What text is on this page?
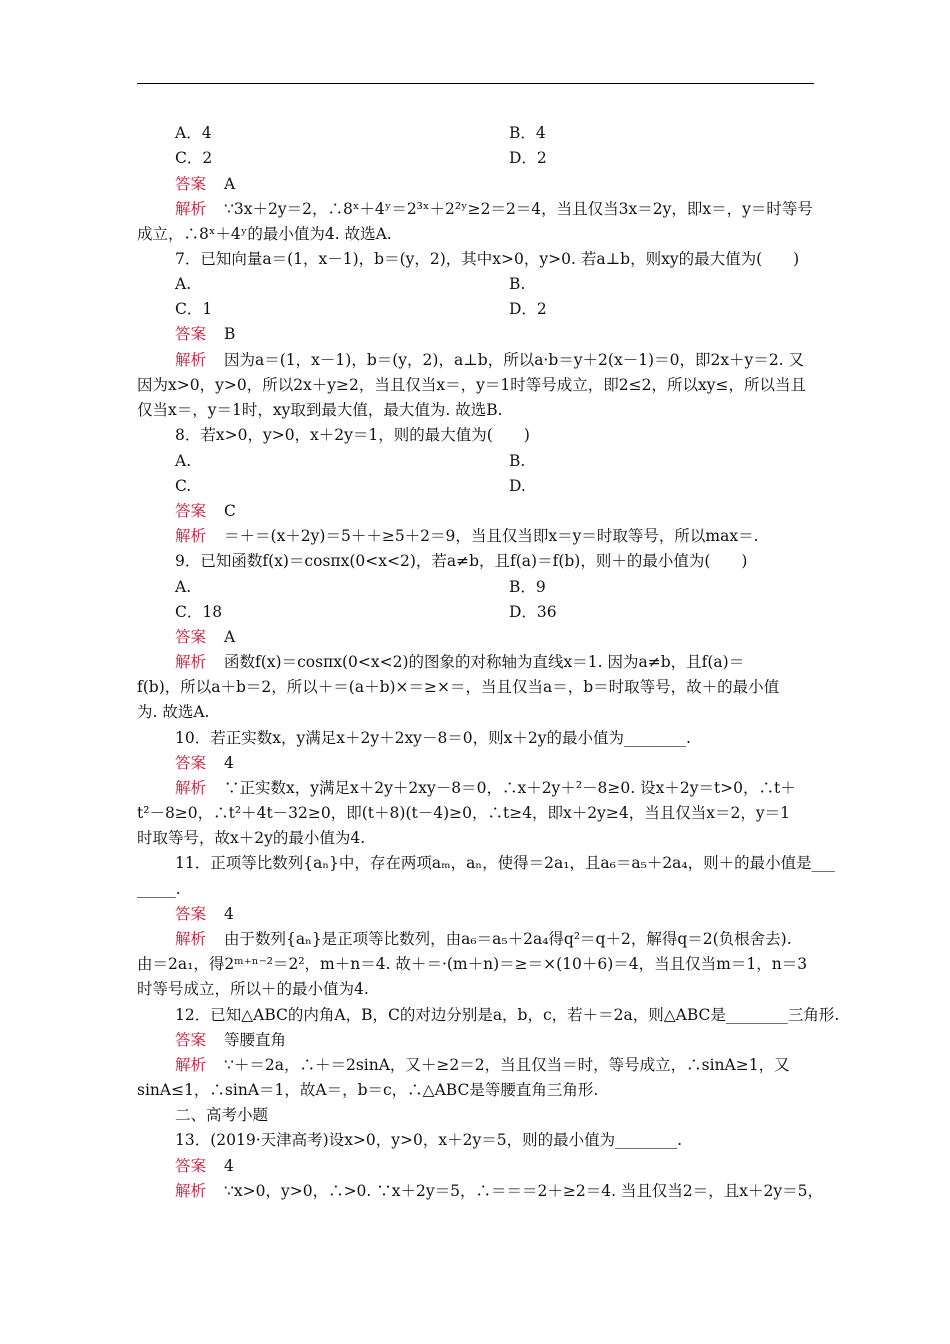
A．4	B．4
C．2	D．2
答案 A
解析 ∵3x＋2y＝2，∴8ˣ＋4ʸ＝2³ˣ＋2²ʸ≥2＝2＝4，当且仅当3x＝2y，即x＝，y＝时等号
成立，∴8ˣ＋4ʸ的最小值为4. 故选A.
7．已知向量a＝(1，x－1)，b＝(y，2)，其中x>0，y>0. 若a⊥b，则xy的最大值为(　　)
A.	B.
C．1	D．2
答案 B
解析 因为a＝(1，x－1)，b＝(y，2)，a⊥b，所以a·b＝y＋2(x－1)＝0，即2x＋y＝2. 又
因为x>0，y>0，所以2x＋y≥2，当且仅当x＝，y＝1时等号成立，即2≤2，所以xy≤，所以当且
仅当x＝，y＝1时，xy取到最大值，最大值为. 故选B.
8．若x>0，y>0，x＋2y＝1，则的最大值为(　　)
A.	B.
C.	D.
答案 C
解析 ＝＋＝(x＋2y)＝5＋＋≥5＋2＝9，当且仅当即x＝y＝时取等号，所以max＝.
9．已知函数f(x)＝cosπx(0<x<2)，若a≠b，且f(a)＝f(b)，则＋的最小值为(　　)
A.	B．9
C．18	D．36
答案 A
解析 函数f(x)＝cosπx(0<x<2)的图象的对称轴为直线x＝1. 因为a≠b，且f(a)＝
f(b)，所以a＋b＝2，所以＋＝(a＋b)×＝≥×＝，当且仅当a＝，b＝时取等号，故＋的最小值
为. 故选A.
10．若正实数x，y满足x＋2y＋2xy－8＝0，则x＋2y的最小值为________.
答案 4
解析 ∵正实数x，y满足x＋2y＋2xy－8＝0，∴x＋2y＋²－8≥0. 设x＋2y＝t>0，∴t＋
t²－8≥0，∴t²＋4t－32≥0，即(t＋8)(t－4)≥0，∴t≥4，即x＋2y≥4，当且仅当x＝2，y＝1
时取等号，故x＋2y的最小值为4.
11．正项等比数列{aₙ}中，存在两项aₘ，aₙ，使得＝2a₁，且a₆＝a₅＋2a₄，则＋的最小值是___
_____.
答案 4
解析 由于数列{aₙ}是正项等比数列，由a₆＝a₅＋2a₄得q²＝q＋2，解得q＝2(负根舍去).
由＝2a₁，得2ᵐ⁺ⁿ⁻²＝2²，m＋n＝4. 故＋＝·(m＋n)＝≥＝×(10＋6)＝4，当且仅当m＝1，n＝3
时等号成立，所以＋的最小值为4.
12．已知△ABC的内角A，B，C的对边分别是a，b，c，若＋＝2a，则△ABC是________三角形.
答案 等腰直角
解析 ∵＋＝2a，∴＋＝2sinA，又＋≥2＝2，当且仅当＝时，等号成立，∴sinA≥1，又
sinA≤1，∴sinA＝1，故A＝，b＝c，∴△ABC是等腰直角三角形.
二、高考小题
13．(2019·天津高考)设x>0，y>0，x＋2y＝5，则的最小值为________.
答案 4
解析 ∵x>0，y>0，∴>0. ∵x＋2y＝5，∴＝＝＝2＋≥2＝4. 当且仅当2＝，且x＋2y＝5，
